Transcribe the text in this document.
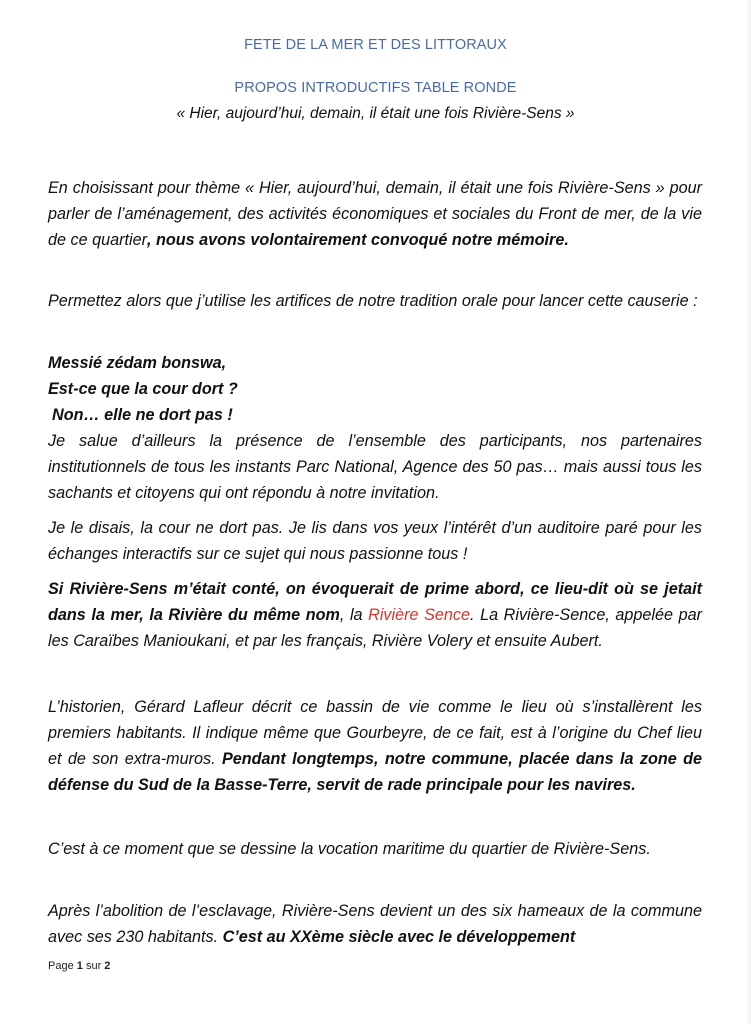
FETE DE LA MER ET DES LITTORAUX
PROPOS INTRODUCTIFS TABLE RONDE
« Hier, aujourd’hui, demain, il était une fois Rivière-Sens »
En choisissant pour thème « Hier, aujourd’hui, demain, il était une fois Rivière-Sens » pour parler de l’aménagement, des activités économiques et sociales du Front de mer, de la vie de ce quartier, nous avons volontairement convoqué notre mémoire.
Permettez alors que j’utilise les artifices de notre tradition orale pour lancer cette causerie :
Messié zédam bonswa,
Est-ce que la cour dort ?
Non… elle ne dort pas !
Je salue d’ailleurs la présence de l’ensemble des participants, nos partenaires institutionnels de tous les instants Parc National, Agence des 50 pas… mais aussi tous les sachants et citoyens qui ont répondu à notre invitation.
Je le disais, la cour ne dort pas. Je lis dans vos yeux l’intérêt d’un auditoire paré pour les échanges interactifs sur ce sujet qui nous passionne tous !
Si Rivière-Sens m’était conté, on évoquerait de prime abord, ce lieu-dit où se jetait dans la mer, la Rivière du même nom, la Rivière Sence. La Rivière-Sence, appelée par les Caraïbes Manioukani, et par les français, Rivière Volery et ensuite Aubert.
L’historien, Gérard Lafleur décrit ce bassin de vie comme le lieu où s’installèrent les premiers habitants. Il indique même que Gourbeyre, de ce fait, est à l’origine du Chef lieu et de son extra-muros. Pendant longtemps, notre commune, placée dans la zone de défense du Sud de la Basse-Terre, servit de rade principale pour les navires.
C’est à ce moment que se dessine la vocation maritime du quartier de Rivière-Sens.
Après l’abolition de l’esclavage, Rivière-Sens devient un des six hameaux de la commune avec ses 230 habitants. C’est au XXème siècle avec le développement
Page 1 sur 2
